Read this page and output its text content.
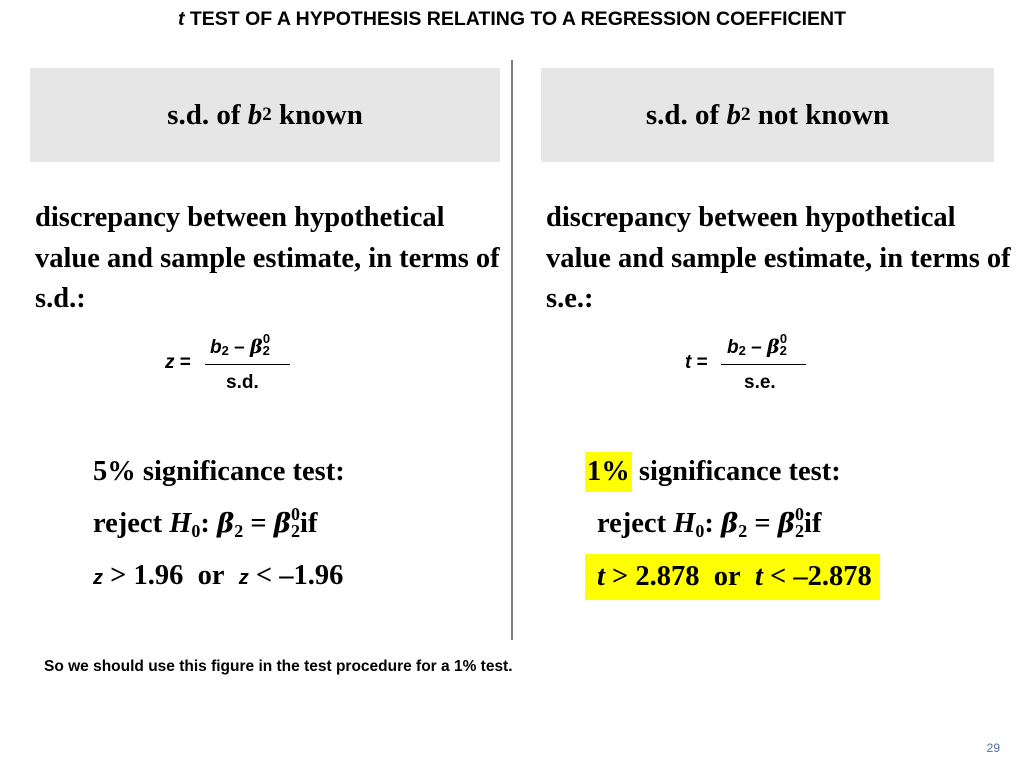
t TEST OF A HYPOTHESIS RELATING TO A REGRESSION COEFFICIENT
s.d. of
b 2
known
discrepancy between hypothetical value and sample estimate, in terms of s.d.:
z =
$b_2 - \beta_2^0$
s.d.
5% significance test:
reject $H_0$: $\beta_2 = \beta_2^0if$
z > 1.96 or z < –1.96
s.d. of
b 2
not known
discrepancy between hypothetical value and sample estimate, in terms of s.e.:
t =
$b_2 - \beta_2^0$
s.e.
1% significance test:
reject $H_0$: $\beta_2 = \beta_2^0if$
t > 2.878 or t < –2.878
So we should use this figure in the test procedure for a 1% test.
29
